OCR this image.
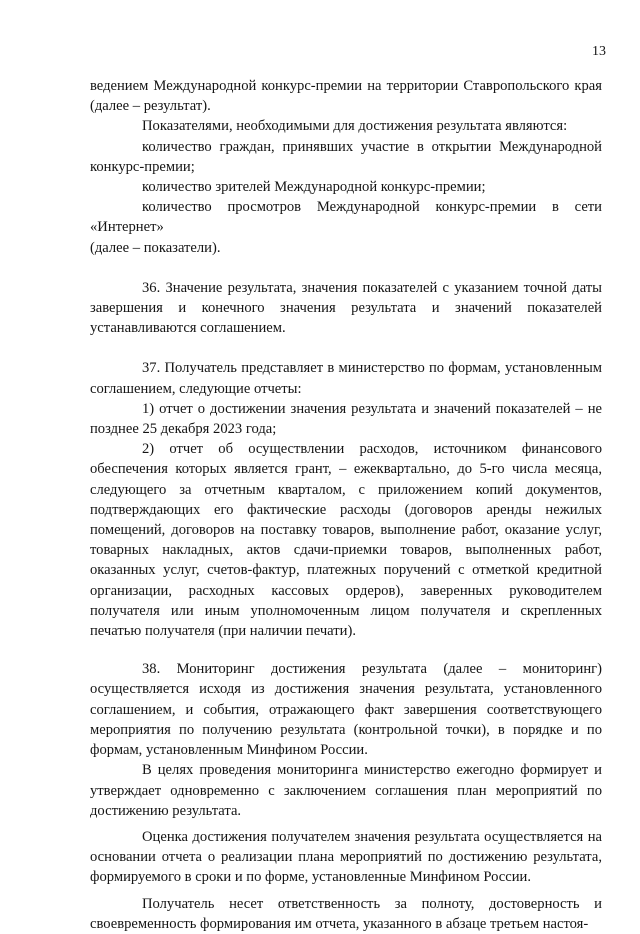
13

ведением Международной конкурс-премии на территории Ставропольского края (далее – результат).

Показателями, необходимыми для достижения результата являются:

количество граждан, принявших участие в открытии Международной конкурс-премии;

количество зрителей Международной конкурс-премии;

количество просмотров Международной конкурс-премии в сети «Интернет»

(далее – показатели).

36. Значение результата, значения показателей с указанием точной даты завершения и конечного значения результата и значений показателей устанавливаются соглашением.

37. Получатель представляет в министерство по формам, установленным соглашением, следующие отчеты:

1) отчет о достижении значения результата и значений показателей – не позднее 25 декабря 2023 года;

2) отчет об осуществлении расходов, источником финансового обеспечения которых является грант, – ежеквартально, до 5-го числа месяца, следующего за отчетным кварталом, с приложением копий документов, подтверждающих его фактические расходы (договоров аренды нежилых помещений, договоров на поставку товаров, выполнение работ, оказание услуг, товарных накладных, актов сдачи-приемки товаров, выполненных работ, оказанных услуг, счетов-фактур, платежных поручений с отметкой кредитной организации, расходных кассовых ордеров), заверенных руководителем получателя или иным уполномоченным лицом получателя и скрепленных печатью получателя (при наличии печати).

38. Мониторинг достижения результата (далее – мониторинг) осуществляется исходя из достижения значения результата, установленного соглашением, и события, отражающего факт завершения соответствующего мероприятия по получению результата (контрольной точки), в порядке и по формам, установленным Минфином России.

В целях проведения мониторинга министерство ежегодно формирует и утверждает одновременно с заключением соглашения план мероприятий по достижению результата.

Оценка достижения получателем значения результата осуществляется на основании отчета о реализации плана мероприятий по достижению результата, формируемого в сроки и по форме, установленные Минфином России.

Получатель несет ответственность за полноту, достоверность и своевременность формирования им отчета, указанного в абзаце третьем настоя-
